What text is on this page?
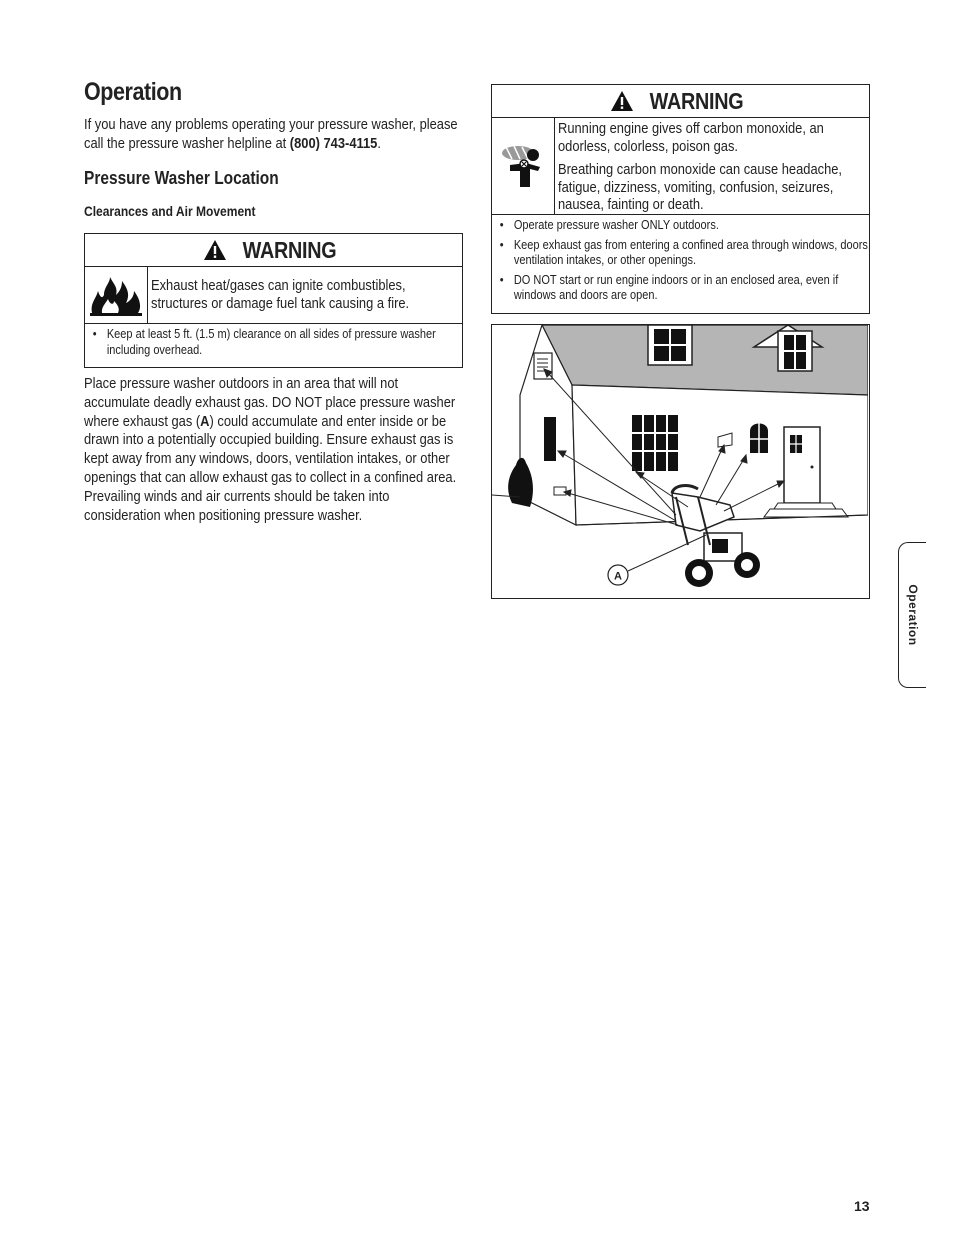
Operation
If you have any problems operating your pressure washer, please call the pressure washer helpline at (800) 743-4115.
Pressure Washer Location
Clearances and Air Movement
WARNING
Exhaust heat/gases can ignite combustibles, structures or damage fuel tank causing a fire.
• Keep at least 5 ft. (1.5 m) clearance on all sides of pressure washer including overhead.
Place pressure washer outdoors in an area that will not accumulate deadly exhaust gas. DO NOT place pressure washer where exhaust gas (A) could accumulate and enter inside or be drawn into a potentially occupied building. Ensure exhaust gas is kept away from any windows, doors, ventilation intakes, or other openings that can allow exhaust gas to collect in a confined area. Prevailing winds and air currents should be taken into consideration when positioning pressure washer.
WARNING
Running engine gives off carbon monoxide, an odorless, colorless, poison gas.
Breathing carbon monoxide can cause headache, fatigue, dizziness, vomiting, confusion, seizures, nausea, fainting or death.
• Operate pressure washer ONLY outdoors.
• Keep exhaust gas from entering a confined area through windows, doors, ventilation intakes, or other openings.
• DO NOT start or run engine indoors or in an enclosed area, even if windows and doors are open.
A
Operation
13
